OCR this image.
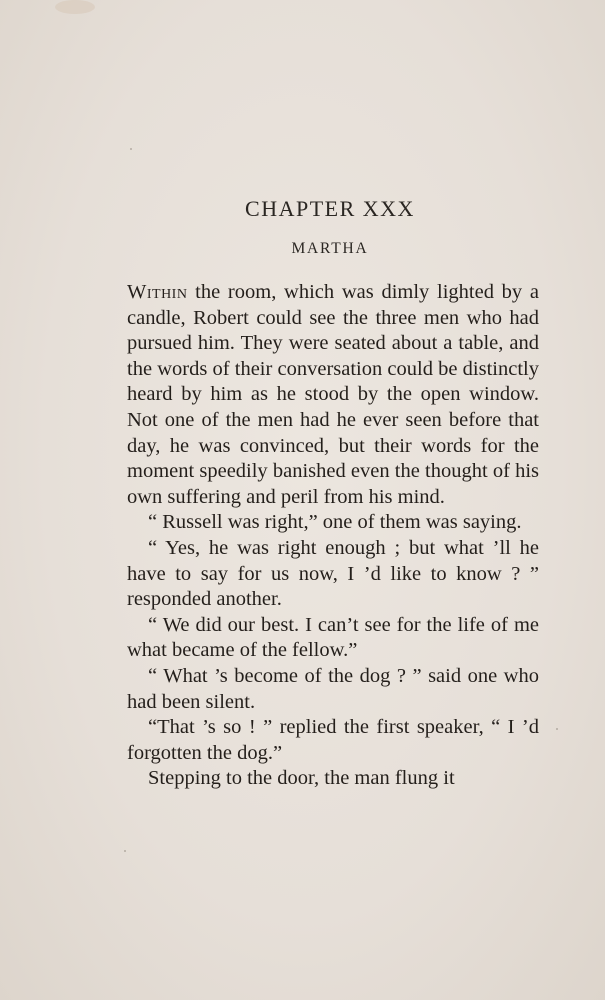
CHAPTER XXX
MARTHA

Within the room, which was dimly lighted by a candle, Robert could see the three men who had pursued him. They were seated about a table, and the words of their conversation could be distinctly heard by him as he stood by the open window. Not one of the men had he ever seen before that day, he was convinced, but their words for the moment speedily banished even the thought of his own suffering and peril from his mind.

“ Russell was right,” one of them was saying.

“ Yes, he was right enough ; but what ’ll he have to say for us now, I ’d like to know ? ” responded another.

“ We did our best. I can’t see for the life of me what became of the fellow.”

“ What ’s become of the dog ? ” said one who had been silent.

“That ’s so ! ” replied the first speaker, “ I ’d forgotten the dog.”

Stepping to the door, the man flung it
